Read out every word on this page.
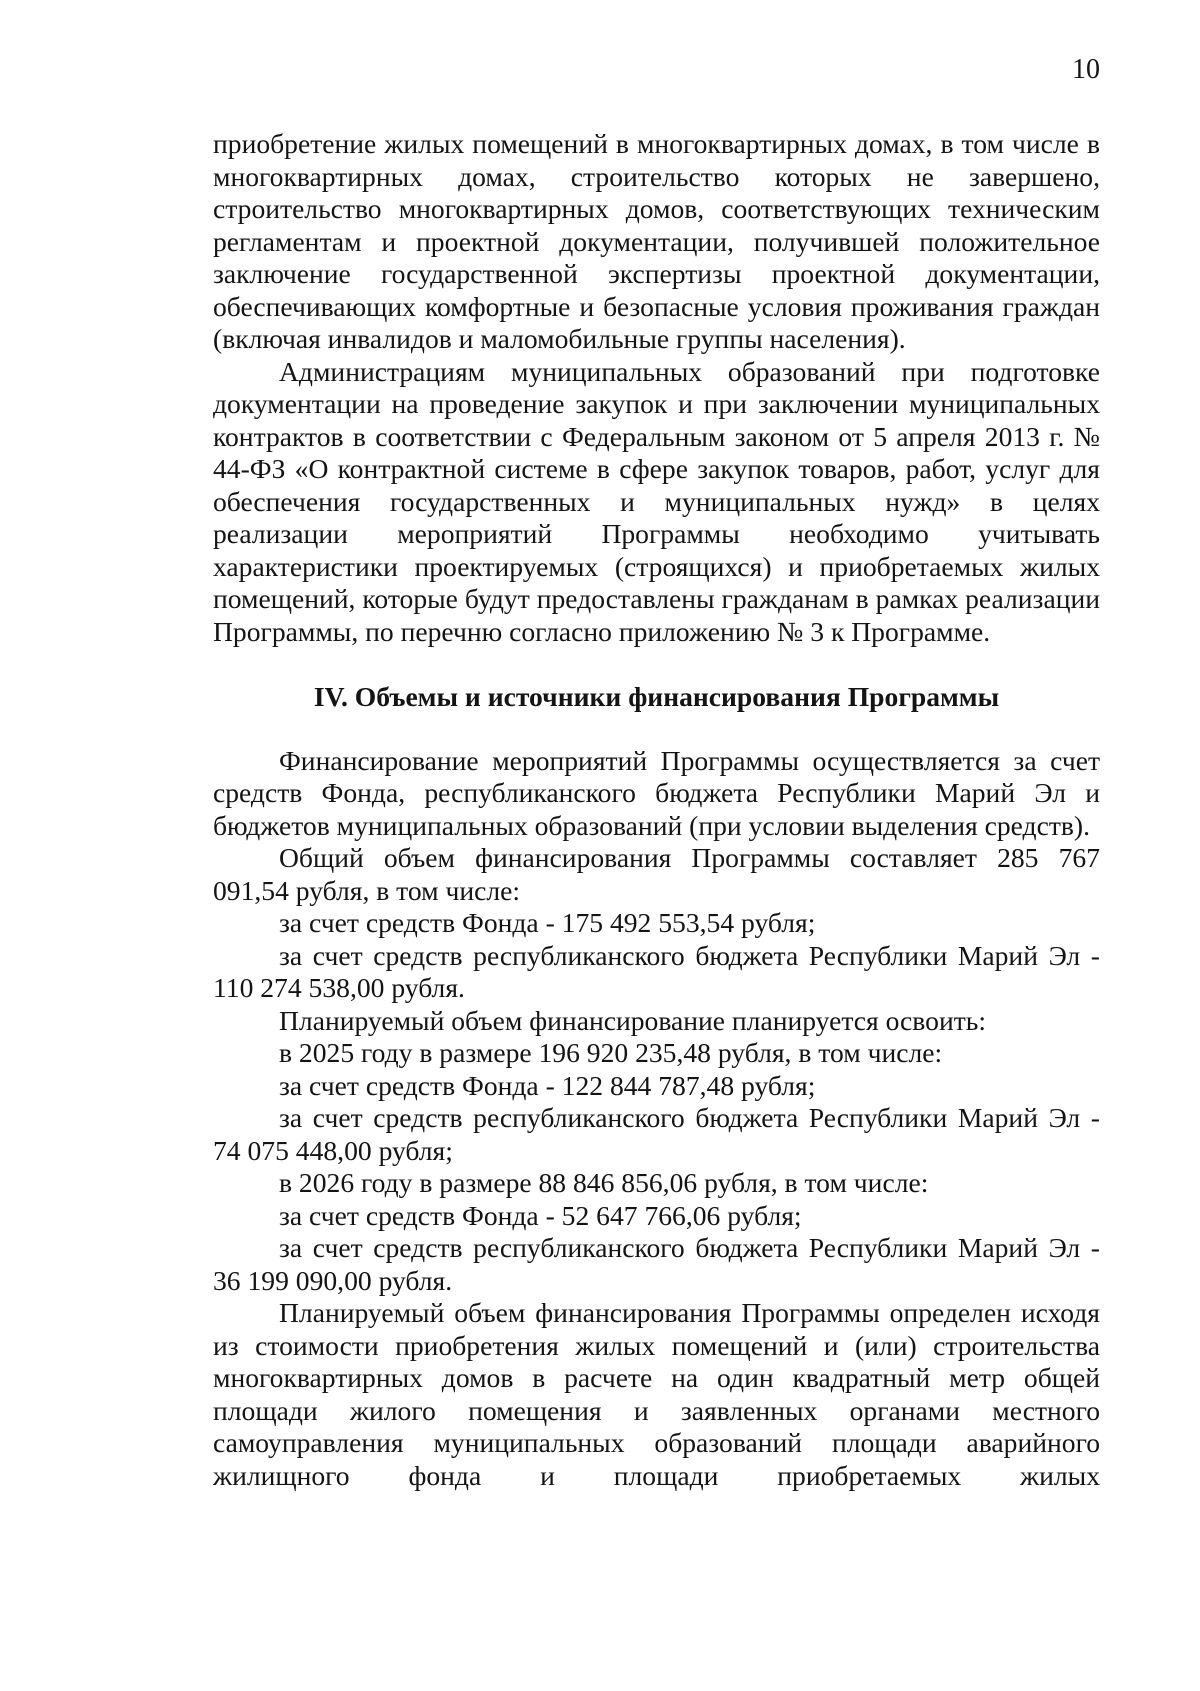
10

приобретение жилых помещений в многоквартирных домах, в том числе в многоквартирных домах, строительство которых не завершено, строительство многоквартирных домов, соответствующих техническим регламентам и проектной документации, получившей положительное заключение государственной экспертизы проектной документации, обеспечивающих комфортные и безопасные условия проживания граждан (включая инвалидов и маломобильные группы населения).

Администрациям муниципальных образований при подготовке документации на проведение закупок и при заключении муниципальных контрактов в соответствии с Федеральным законом от 5 апреля 2013 г. № 44-ФЗ «О контрактной системе в сфере закупок товаров, работ, услуг для обеспечения государственных и муниципальных нужд» в целях реализации мероприятий Программы необходимо учитывать характеристики проектируемых (строящихся) и приобретаемых жилых помещений, которые будут предоставлены гражданам в рамках реализации Программы, по перечню согласно приложению № 3 к Программе.

IV. Объемы и источники финансирования Программы

Финансирование мероприятий Программы осуществляется за счет средств Фонда, республиканского бюджета Республики Марий Эл и бюджетов муниципальных образований (при условии выделения средств).

Общий объем финансирования Программы составляет 285 767 091,54 рубля, в том числе:

за счет средств Фонда - 175 492 553,54 рубля;

за счет средств республиканского бюджета Республики Марий Эл - 110 274 538,00 рубля.

Планируемый объем финансирование планируется освоить:

в 2025 году в размере 196 920 235,48 рубля, в том числе:

за счет средств Фонда - 122 844 787,48 рубля;

за счет средств республиканского бюджета Республики Марий Эл - 74 075 448,00 рубля;

в 2026 году в размере 88 846 856,06 рубля, в том числе:

за счет средств Фонда - 52 647 766,06 рубля;

за счет средств республиканского бюджета Республики Марий Эл - 36 199 090,00 рубля.

Планируемый объем финансирования Программы определен исходя из стоимости приобретения жилых помещений и (или) строительства многоквартирных домов в расчете на один квадратный метр общей площади жилого помещения и заявленных органами местного самоуправления муниципальных образований площади аварийного жилищного фонда и площади приобретаемых жилых
